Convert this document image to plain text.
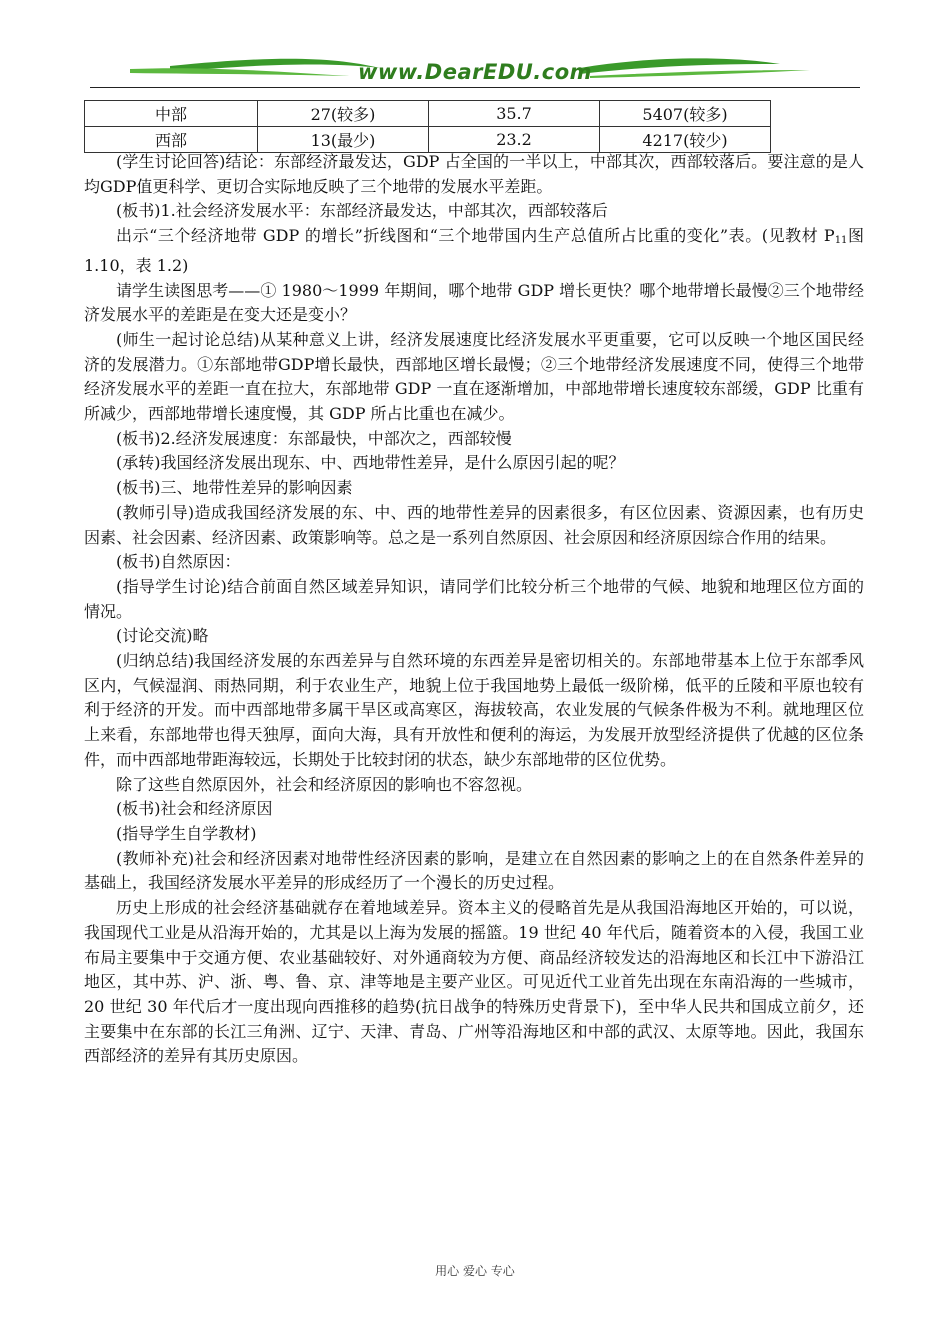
www.DearEDU.com
中部	27(较多)	35.7	5407(较多)
西部	13(最少)	23.2	4217(较少)

(学生讨论回答)结论：东部经济最发达，GDP 占全国的一半以上，中部其次，西部较落后。要注意的是人均GDP值更科学、更切合实际地反映了三个地带的发展水平差距。

(板书)1.社会经济发展水平：东部经济最发达，中部其次，西部较落后

出示“三个经济地带 GDP 的增长”折线图和“三个地带国内生产总值所占比重的变化”表。(见教材 $P_{11}$图 1.10，表 1.2)

请学生读图思考——① 1980～1999 年期间，哪个地带 GDP 增长更快？哪个地带增长最慢②三个地带经济发展水平的差距是在变大还是变小？

(师生一起讨论总结)从某种意义上讲，经济发展速度比经济发展水平更重要，它可以反映一个地区国民经济的发展潜力。①东部地带GDP增长最快，西部地区增长最慢；②三个地带经济发展速度不同，使得三个地带经济发展水平的差距一直在拉大，东部地带 GDP 一直在逐渐增加，中部地带增长速度较东部缓，GDP 比重有所减少，西部地带增长速度慢，其 GDP 所占比重也在减少。

(板书)2.经济发展速度：东部最快，中部次之，西部较慢

(承转)我国经济发展出现东、中、西地带性差异，是什么原因引起的呢？

(板书)三、地带性差异的影响因素

(教师引导)造成我国经济发展的东、中、西的地带性差异的因素很多，有区位因素、资源因素，也有历史因素、社会因素、经济因素、政策影响等。总之是一系列自然原因、社会原因和经济原因综合作用的结果。

(板书)自然原因：

(指导学生讨论)结合前面自然区域差异知识，请同学们比较分析三个地带的气候、地貌和地理区位方面的情况。

(讨论交流)略

(归纳总结)我国经济发展的东西差异与自然环境的东西差异是密切相关的。东部地带基本上位于东部季风区内，气候湿润、雨热同期，利于农业生产，地貌上位于我国地势上最低一级阶梯，低平的丘陵和平原也较有利于经济的开发。而中西部地带多属干旱区或高寒区，海拔较高，农业发展的气候条件极为不利。就地理区位上来看，东部地带也得天独厚，面向大海，具有开放性和便利的海运，为发展开放型经济提供了优越的区位条件，而中西部地带距海较远，长期处于比较封闭的状态，缺少东部地带的区位优势。

除了这些自然原因外，社会和经济原因的影响也不容忽视。

(板书)社会和经济原因

(指导学生自学教材)

(教师补充)社会和经济因素对地带性经济因素的影响，是建立在自然因素的影响之上的在自然条件差异的基础上，我国经济发展水平差异的形成经历了一个漫长的历史过程。

历史上形成的社会经济基础就存在着地域差异。资本主义的侵略首先是从我国沿海地区开始的，可以说，我国现代工业是从沿海开始的，尤其是以上海为发展的摇篮。19 世纪 40 年代后，随着资本的入侵，我国工业布局主要集中于交通方便、农业基础较好、对外通商较为方便、商品经济较发达的沿海地区和长江中下游沿江地区，其中苏、沪、浙、粤、鲁、京、津等地是主要产业区。可见近代工业首先出现在东南沿海的一些城市，20 世纪 30 年代后才一度出现向西推移的趋势(抗日战争的特殊历史背景下)，至中华人民共和国成立前夕，还主要集中在东部的长江三角洲、辽宁、天津、青岛、广州等沿海地区和中部的武汉、太原等地。因此，我国东西部经济的差异有其历史原因。

用心 爱心 专心
